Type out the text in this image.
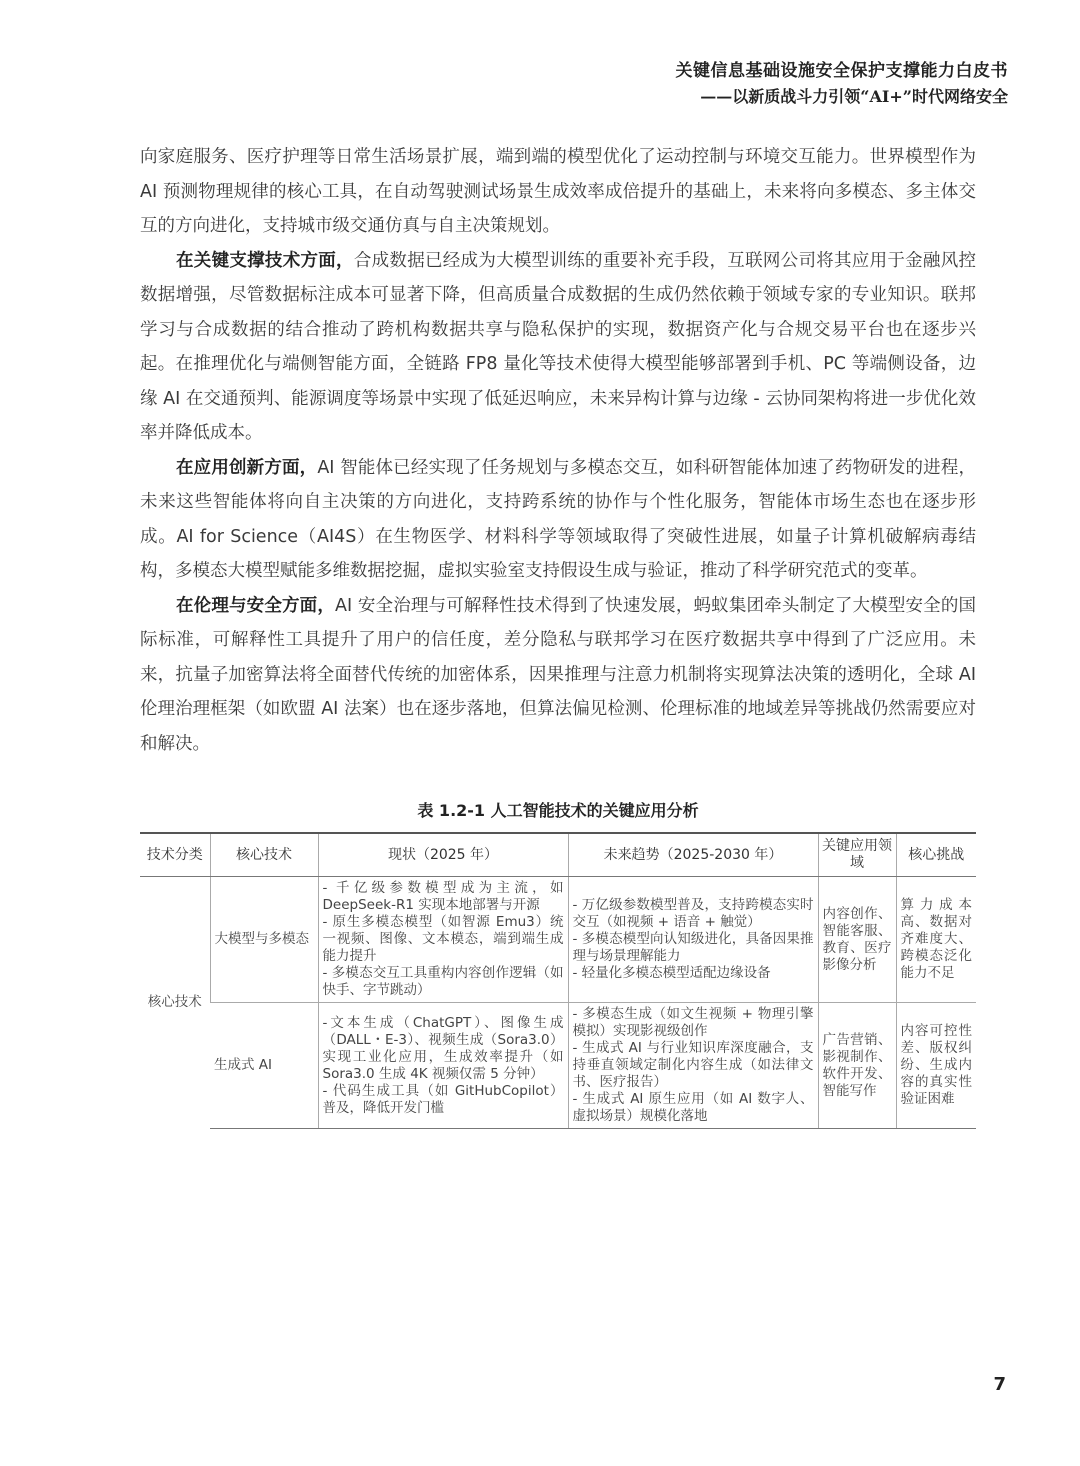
关键信息基础设施安全保护支撑能力白皮书
——以新质战斗力引领“AI+”时代网络安全

向家庭服务、医疗护理等日常生活场景扩展，端到端的模型优化了运动控制与环境交互能力。世界模型作为 AI 预测物理规律的核心工具，在自动驾驶测试场景生成效率成倍提升的基础上，未来将向多模态、多主体交互的方向进化，支持城市级交通仿真与自主决策规划。

在关键支撑技术方面，合成数据已经成为大模型训练的重要补充手段，互联网公司将其应用于金融风控数据增强，尽管数据标注成本可显著下降，但高质量合成数据的生成仍然依赖于领域专家的专业知识。联邦学习与合成数据的结合推动了跨机构数据共享与隐私保护的实现，数据资产化与合规交易平台也在逐步兴起。在推理优化与端侧智能方面，全链路 FP8 量化等技术使得大模型能够部署到手机、PC 等端侧设备，边缘 AI 在交通预判、能源调度等场景中实现了低延迟响应，未来异构计算与边缘 - 云协同架构将进一步优化效率并降低成本。

在应用创新方面，AI 智能体已经实现了任务规划与多模态交互，如科研智能体加速了药物研发的进程，未来这些智能体将向自主决策的方向进化，支持跨系统的协作与个性化服务，智能体市场生态也在逐步形成。AI for Science（AI4S）在生物医学、材料科学等领域取得了突破性进展，如量子计算机破解病毒结构，多模态大模型赋能多维数据挖掘，虚拟实验室支持假设生成与验证，推动了科学研究范式的变革。

在伦理与安全方面，AI 安全治理与可解释性技术得到了快速发展，蚂蚁集团牵头制定了大模型安全的国际标准，可解释性工具提升了用户的信任度，差分隐私与联邦学习在医疗数据共享中得到了广泛应用。未来，抗量子加密算法将全面替代传统的加密体系，因果推理与注意力机制将实现算法决策的透明化，全球 AI 伦理治理框架（如欧盟 AI 法案）也在逐步落地，但算法偏见检测、伦理标准的地域差异等挑战仍然需要应对和解决。

表 1.2-1 人工智能技术的关键应用分析
技术分类	核心技术	现状（2025 年）	未来趋势（2025-2030 年）	关键应用领域	核心挑战
核心技术	大模型与多模态	- 千亿级参数模型成为主流，如 DeepSeek-R1 实现本地部署与开源
- 原生多模态模型（如智源 Emu3）统一视频、图像、文本模态，端到端生成能力提升
- 多模态交互工具重构内容创作逻辑（如快手、字节跳动）	- 万亿级参数模型普及，支持跨模态实时交互（如视频 + 语音 + 触觉）
- 多模态模型向认知级进化，具备因果推理与场景理解能力
- 轻量化多模态模型适配边缘设备	内容创作、智能客服、教育、医疗影像分析	算力成本高、数据对齐难度大、跨模态泛化能力不足
	生成式 AI	-文本生成（ChatGPT）、图像生成（DALL・E-3）、视频生成（Sora3.0）实现工业化应用，生成效率提升（如 Sora3.0 生成 4K 视频仅需 5 分钟）
- 代码生成工具（如 GitHubCopilot）普及，降低开发门槛	- 多模态生成（如文生视频 + 物理引擎模拟）实现影视级创作
- 生成式 AI 与行业知识库深度融合，支持垂直领域定制化内容生成（如法律文书、医疗报告）
- 生成式 AI 原生应用（如 AI 数字人、虚拟场景）规模化落地	广告营销、影视制作、软件开发、智能写作	内容可控性差、版权纠纷、生成内容的真实性验证困难
7
